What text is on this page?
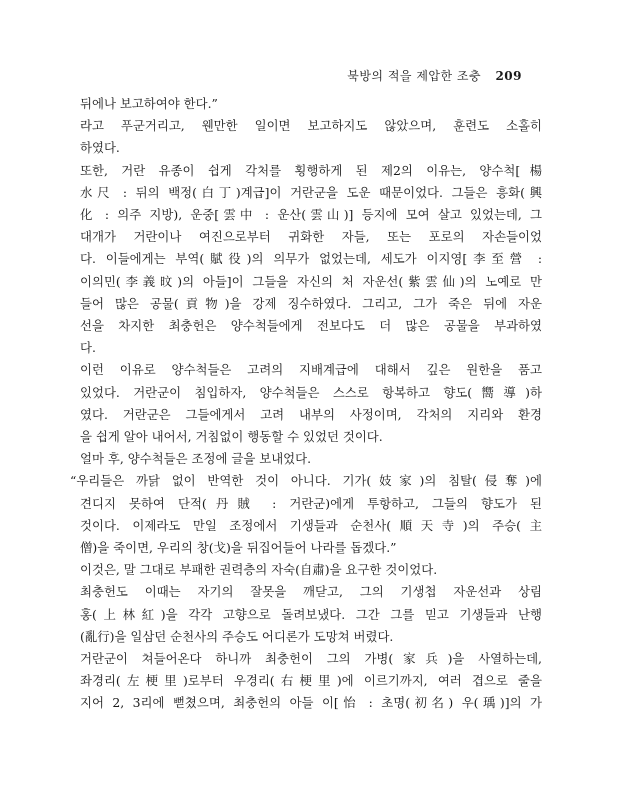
북방의 적을 제압한 조충 209
뒤에나 보고하여야 한다.”
라고 푸군거리고, 웬만한 일이면 보고하지도 않았으며, 훈련도 소홀히
하였다.
또한, 거란 유종이 쉽게 각처를 횡행하게 된 제2의 이유는, 양수척[楊
水尺 : 뒤의 백정(白丁)계급]이 거란군을 도운 때문이었다. 그들은 흥화(興
化 : 의주 지방), 운중[雲中 : 운산(雲山)] 등지에 모여 살고 있었는데, 그
대개가 거란이나 여진으로부터 귀화한 자들, 또는 포로의 자손들이었
다. 이들에게는 부역(賦役)의 의무가 없었는데, 세도가 이지영[李至營 :
이의민(李義旼)의 아들]이 그들을 자신의 처 자운선(紫雲仙)의 노예로 만
들어 많은 공물(貢物)을 강제 징수하였다. 그리고, 그가 죽은 뒤에 자운
선을 차지한 최충헌은 양수척들에게 전보다도 더 많은 공물을 부과하였
다.
이런 이유로 양수척들은 고려의 지배계급에 대해서 깊은 원한을 품고
있었다. 거란군이 침입하자, 양수척들은 스스로 항복하고 향도(嚮導)하
였다. 거란군은 그들에게서 고려 내부의 사정이며, 각처의 지리와 환경
을 쉽게 알아 내어서, 거침없이 행동할 수 있었던 것이다.
얼마 후, 양수척들은 조정에 글을 보내었다.
“우리들은 까닭 없이 반역한 것이 아니다. 기가(妓家)의 침탈(侵奪)에
견디지 못하여 단적(丹賊 : 거란군)에게 투항하고, 그들의 향도가 된
것이다. 이제라도 만일 조정에서 기생들과 순천사(順天寺)의 주승(主
僧)을 죽이면, 우리의 창(戈)을 뒤집어들어 나라를 돕겠다.”
이것은, 말 그대로 부패한 권력층의 자숙(自肅)을 요구한 것이었다.
최충헌도 이때는 자기의 잘못을 깨닫고, 그의 기생첩 자운선과 상림
홍(上林紅)을 각각 고향으로 돌려보냈다. 그간 그를 믿고 기생들과 난행
(亂行)을 일삼던 순천사의 주승도 어디론가 도망쳐 버렸다.
거란군이 쳐들어온다 하니까 최충헌이 그의 가병(家兵)을 사열하는데,
좌경리(左梗里)로부터 우경리(右梗里)에 이르기까지, 여러 겹으로 줄을
지어 2, 3리에 뻗쳤으며, 최충헌의 아들 이[怡 : 초명(初名) 우(瑀)]의 가
